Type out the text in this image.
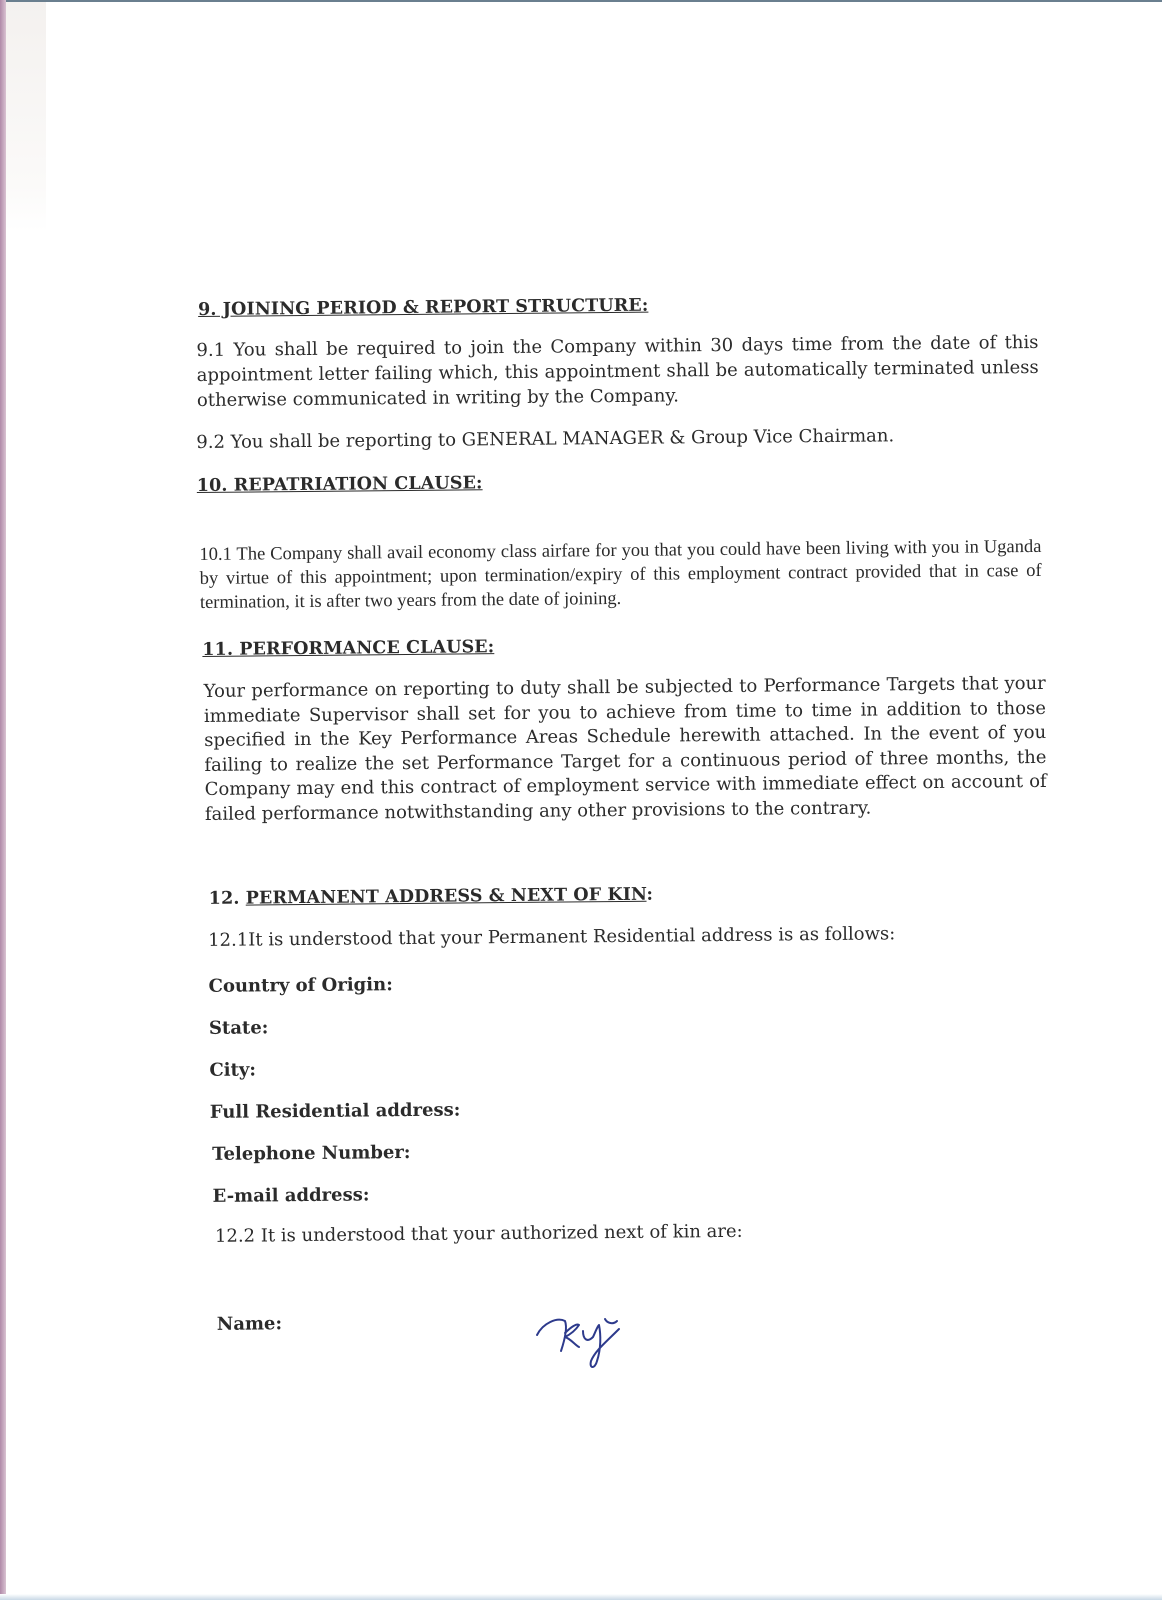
9. JOINING PERIOD & REPORT STRUCTURE:

9.1 You shall be required to join the Company within 30 days time from the date of this appointment letter failing which, this appointment shall be automatically terminated unless otherwise communicated in writing by the Company.

9.2 You shall be reporting to GENERAL MANAGER & Group Vice Chairman.

10. REPATRIATION CLAUSE:

10.1 The Company shall avail economy class airfare for you that you could have been living with you in Uganda by virtue of this appointment; upon termination/expiry of this employment contract provided that in case of termination, it is after two years from the date of joining.

11. PERFORMANCE CLAUSE:

Your performance on reporting to duty shall be subjected to Performance Targets that your immediate Supervisor shall set for you to achieve from time to time in addition to those specified in the Key Performance Areas Schedule herewith attached. In the event of you failing to realize the set Performance Target for a continuous period of three months, the Company may end this contract of employment service with immediate effect on account of failed performance notwithstanding any other provisions to the contrary.

12. PERMANENT ADDRESS & NEXT OF KIN:

12.1It is understood that your Permanent Residential address is as follows:

Country of Origin:

State:

City:

Full Residential address:

Telephone Number:

E-mail address:

12.2 It is understood that your authorized next of kin are:

Name:
